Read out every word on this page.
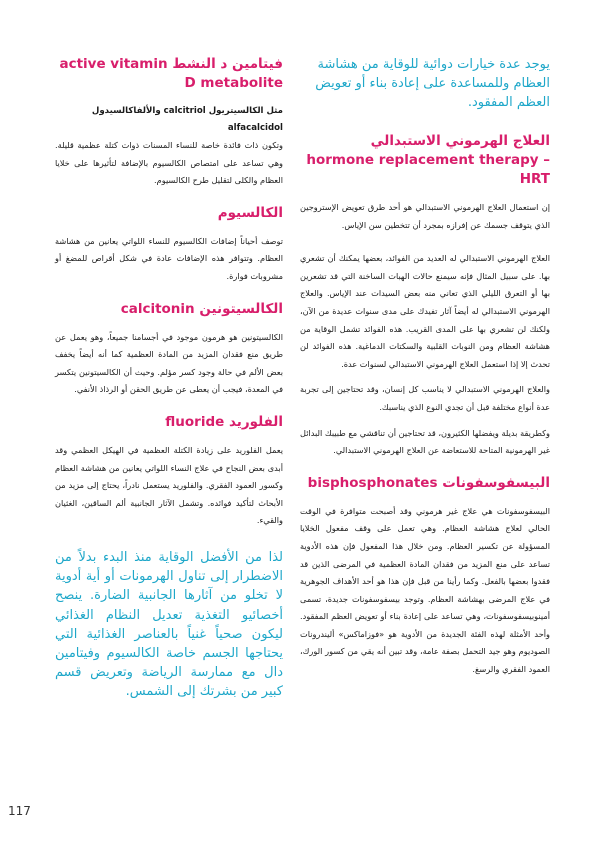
يوجد عدة خيارات دوائية للوقاية من هشاشة العظام وللمساعدة على إعادة بناء أو تعويض العظم المفقود.

العلاج الهرموني الاستبدالي hormone replacement therapy – HRT

إن استعمال العلاج الهرموني الاستبدالي هو أحد طرق تعويض الإستروجين الذي يتوقف جسمك عن إفرازه بمجرد أن تتخطين سن الإياس.

العلاج الهرموني الاستبدالي له العديد من الفوائد، بعضها يمكنك أن تشعري بها. على سبيل المثال فإنه سيمنع حالات الهبات الساخنة التي قد تشعرين بها أو التعرق الليلي الذي تعاني منه بعض السيدات عند الإياس. والعلاج الهرموني الاستبدالي له أيضاً آثار تفيدك على مدى سنوات عديدة من الآن، ولكنك لن تشعري بها على المدى القريب. هذه الفوائد تشمل الوقاية من هشاشة العظام ومن النوبات القلبية والسكتات الدماغية. هذه الفوائد لن تحدث إلا إذا استعمل العلاج الهرموني الاستبدالي لسنوات عدة.

والعلاج الهرموني الاستبدالي لا يناسب كل إنسان، وقد تحتاجين إلى تجربة عدة أنواع مختلفة قبل أن تجدي النوع الذي يناسبك.

وكطريقة بديلة ويفضلها الكثيرون، قد تحتاجين أن تناقشي مع طبيبك البدائل غير الهرمونية المتاحة للاستعاضة عن العلاج الهرموني الاستبدالي.

البيسفوسفونات bisphosphonates

البيسفوسفونات هي علاج غير هرموني وقد أصبحت متوافرة في الوقت الحالي لعلاج هشاشة العظام. وهي تعمل على وقف مفعول الخلايا المسؤولة عن تكسير العظام. ومن خلال هذا المفعول فإن هذه الأدوية تساعد على منع المزيد من فقدان المادة العظمية في المرضى الذين قد فقدوا بعضها بالفعل. وكما رأينا من قبل فإن هذا هو أحد الأهداف الجوهرية في علاج المرضى بهشاشة العظام. وتوجد بيسفوسفونات جديدة، تسمى أمينوبيسفوسفونات، وهي تساعد على إعادة بناء أو تعويض العظم المفقود. وأحد الأمثلة لهذه الفئة الجديدة من الأدوية هو «فوزاماكس» أليندرونات الصوديوم وهو جيد التحمل بصفة عامة، وقد تبين أنه يقي من كسور الورك، العمود الفقري والرسغ.

فيتامين د النشط active vitamin D metabolite

مثل الكالسيتريول calcitriol والألفاكالسيدول alfacalcidol

وتكون ذات فائدة خاصة للنساء المسنات ذوات كتلة عظمية قليلة. وهي تساعد على امتصاص الكالسيوم بالإضافة لتأثيرها على خلايا العظام والكلى لتقليل طرح الكالسيوم.

الكالسيوم

توصف أحياناً إضافات الكالسيوم للنساء اللواتي يعانين من هشاشة العظام. وتتوافر هذه الإضافات عادة في شكل أقراص للمضغ أو مشروبات فوارة.

الكالسيتونين calcitonin

الكالسيتونين هو هرمون موجود في أجسامنا جميعاً، وهو يعمل عن طريق منع فقدان المزيد من المادة العظمية كما أنه أيضاً يخفف بعض الألم في حالة وجود كسر مؤلم. وحيث أن الكالسيتونين يتكسر في المعدة، فيجب أن يعطى عن طريق الحقن أو الرذاذ الأنفي.

الفلوريد fluoride

يعمل الفلوريد على زيادة الكتلة العظمية في الهيكل العظمي وقد أبدى بعض النجاح في علاج النساء اللواتي يعانين من هشاشة العظام وكسور العمود الفقري. والفلوريد يستعمل نادراً، يحتاج إلى مزيد من الأبحاث لتأكيد فوائده. وتشمل الآثار الجانبية ألم الساقين، الغثيان والقيء.

لذا من الأفضل الوقاية منذ البدء بدلاً من الاضطرار إلى تناول الهرمونات أو أية أدوية لا تخلو من آثارها الجانبية الضارة. ينصح أخصائيو التغذية تعديل النظام الغذائي ليكون صحياً غنياً بالعناصر الغذائية التي يحتاجها الجسم خاصة الكالسيوم وفيتامين دال مع ممارسة الرياضة وتعريض قسم كبير من بشرتك إلى الشمس.

117
